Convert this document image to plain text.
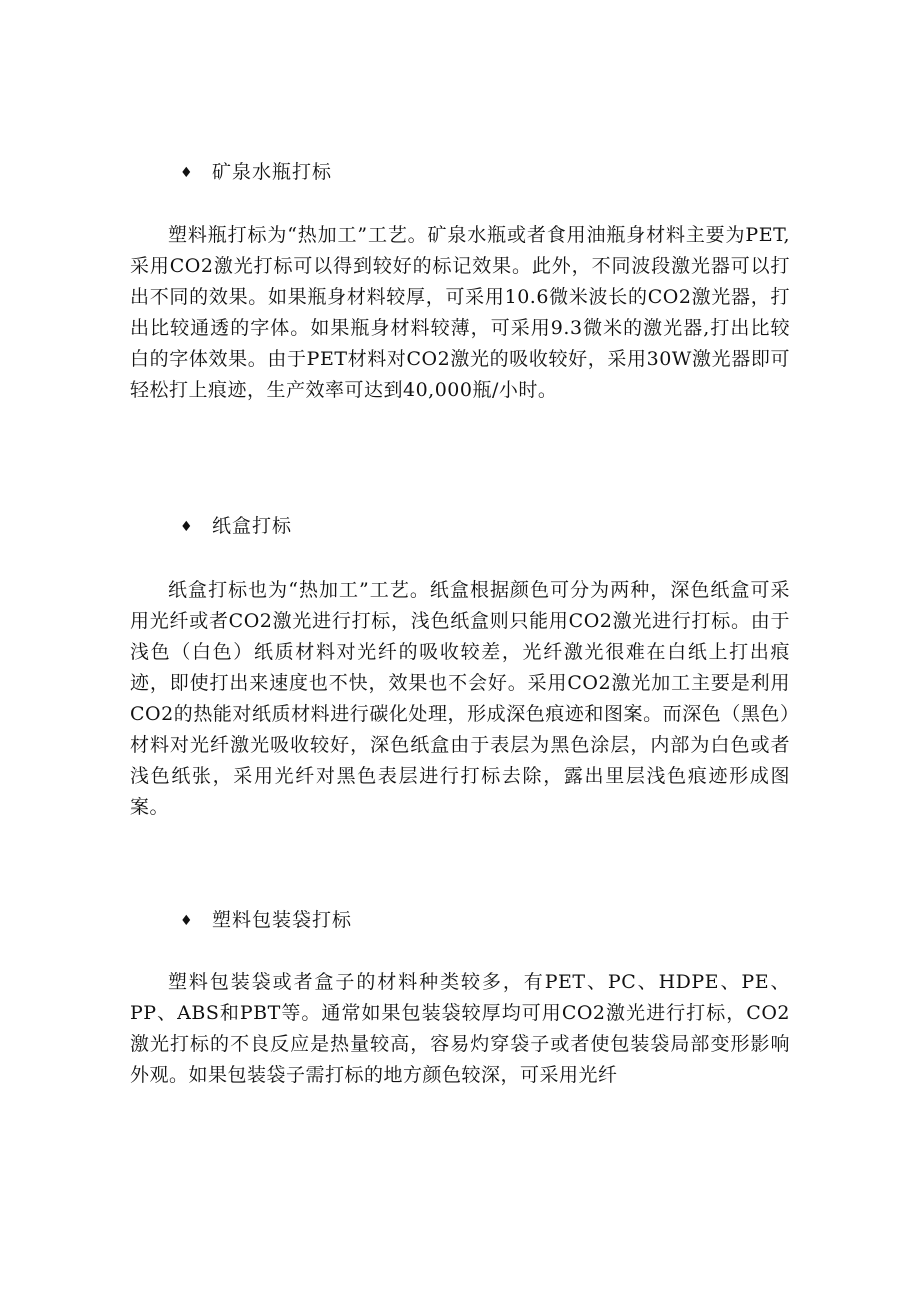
♦ 矿泉水瓶打标

塑料瓶打标为“热加工”工艺。矿泉水瓶或者食用油瓶身材料主要为PET,采用CO2激光打标可以得到较好的标记效果。此外，不同波段激光器可以打出不同的效果。如果瓶身材料较厚，可采用10.6微米波长的CO2激光器，打出比较通透的字体。如果瓶身材料较薄，可采用9.3微米的激光器,打出比较白的字体效果。由于PET材料对CO2激光的吸收较好，采用30W激光器即可轻松打上痕迹，生产效率可达到40,000瓶/小时。

♦ 纸盒打标

纸盒打标也为“热加工”工艺。纸盒根据颜色可分为两种，深色纸盒可采用光纤或者CO2激光进行打标，浅色纸盒则只能用CO2激光进行打标。由于浅色（白色）纸质材料对光纤的吸收较差，光纤激光很难在白纸上打出痕迹，即使打出来速度也不快，效果也不会好。采用CO2激光加工主要是利用CO2的热能对纸质材料进行碳化处理，形成深色痕迹和图案。而深色（黑色）材料对光纤激光吸收较好，深色纸盒由于表层为黑色涂层，内部为白色或者浅色纸张，采用光纤对黑色表层进行打标去除，露出里层浅色痕迹形成图案。

♦ 塑料包装袋打标

塑料包装袋或者盒子的材料种类较多，有PET、PC、HDPE、PE、PP、ABS和PBT等。通常如果包装袋较厚均可用CO2激光进行打标，CO2激光打标的不良反应是热量较高，容易灼穿袋子或者使包装袋局部变形影响外观。如果包装袋子需打标的地方颜色较深，可采用光纤
